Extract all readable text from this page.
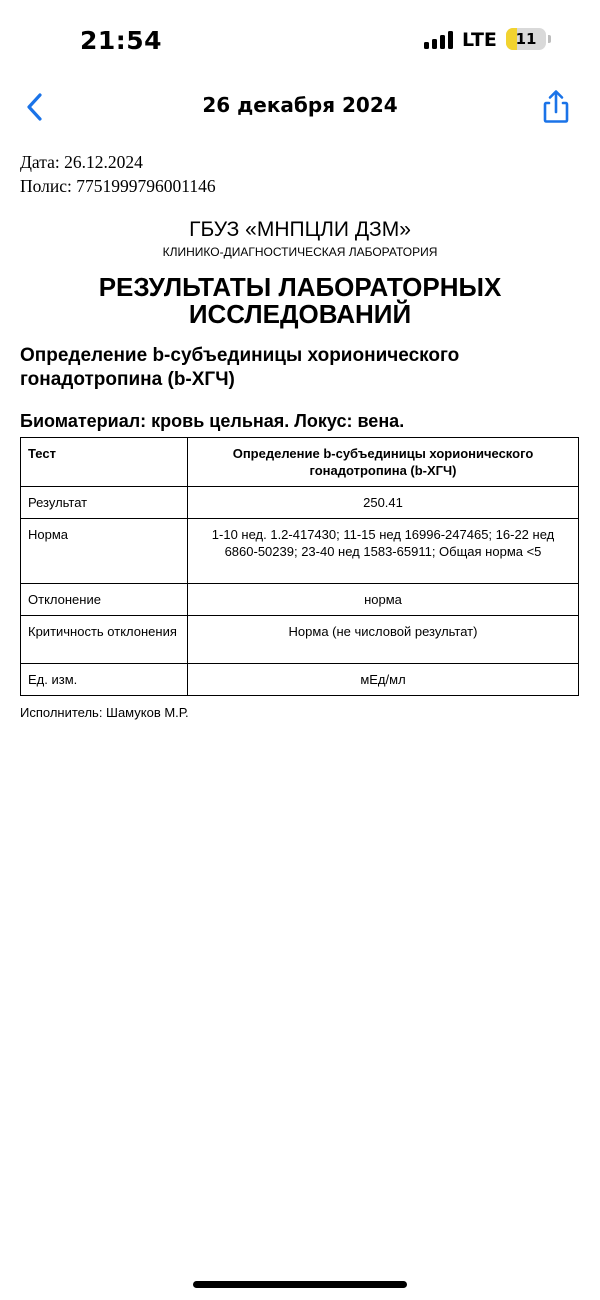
21:54	LTE	11
26 декабря 2024
Дата: 26.12.2024
Полис: 7751999796001146
ГБУЗ «МНПЦЛИ ДЗМ»
КЛИНИКО-ДИАГНОСТИЧЕСКАЯ ЛАБОРАТОРИЯ
РЕЗУЛЬТАТЫ ЛАБОРАТОРНЫХ ИССЛЕДОВАНИЙ
Определение b-субъединицы хорионического гонадотропина (b-ХГЧ)
Биоматериал: кровь цельная. Локус: вена.
Тест	Определение b-субъединицы хорионического гонадотропина (b-ХГЧ)
Результат	250.41
Норма	1-10 нед. 1.2-417430; 11-15 нед 16996-247465; 16-22 нед 6860-50239; 23-40 нед 1583-65911; Общая норма <5
Отклонение	норма
Критичность отклонения	Норма (не числовой результат)
Ед. изм.	мЕд/мл
Исполнитель: Шамуков М.Р.
